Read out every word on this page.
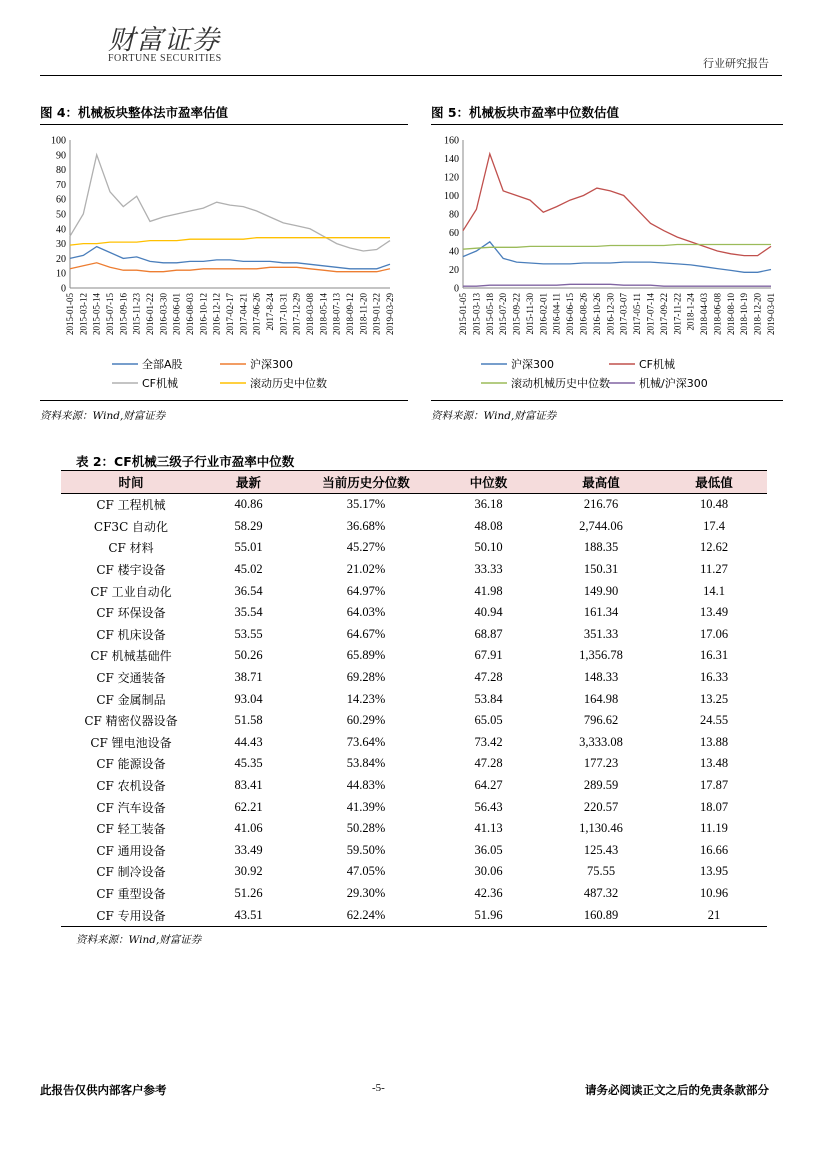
财富证券
FORTUNE SECURITIES	行业研究报告
图 4：机械板块整体法市盈率估值
0
10
20
30
40
50
60
70
80
90
100
2015-01-05 2015-03-12 2015-05-14 2015-07-15 2015-09-16 2015-11-23 2016-01-22 2016-03-30 2016-06-01 2016-08-03 2016-10-12 2016-12-12 2017-02-17 2017-04-21 2017-06-26 2017-8-24 2017-10-31 2017-12-29 2018-03-08 2018-05-14 2018-07-13 2018-09-12 2018-11-20 2019-01-22 2019-03-29
全部A股	沪深300
CF机械	滚动历史中位数
资料来源：Wind,财富证券
图 5：机械板块市盈率中位数估值
0
20
40
60
80
100
120
140
160
2015-01-05 2015-03-13 2015-05-18 2015-07-20 2015-09-22 2015-11-30 2016-02-01 2016-04-11 2016-06-15 2016-08-26 2016-10-26 2016-12-30 2017-03-07 2017-05-11 2017-07-14 2017-09-22 2017-11-22 2018-1-24 2018-04-03 2018-06-08 2018-08-10 2018-10-19 2018-12-20 2019-03-01
沪深300	CF机械
滚动机械历史中位数	机械/沪深300
资料来源：Wind,财富证券
表 2：CF机械三级子行业市盈率中位数
时间	最新	当前历史分位数	中位数	最高值	最低值
CF 工程机械	40.86	35.17%	36.18	216.76	10.48
CF3C 自动化	58.29	36.68%	48.08	2,744.06	17.4
CF 材料	55.01	45.27%	50.10	188.35	12.62
CF 楼宇设备	45.02	21.02%	33.33	150.31	11.27
CF 工业自动化	36.54	64.97%	41.98	149.90	14.1
CF 环保设备	35.54	64.03%	40.94	161.34	13.49
CF 机床设备	53.55	64.67%	68.87	351.33	17.06
CF 机械基础件	50.26	65.89%	67.91	1,356.78	16.31
CF 交通装备	38.71	69.28%	47.28	148.33	16.33
CF 金属制品	93.04	14.23%	53.84	164.98	13.25
CF 精密仪器设备	51.58	60.29%	65.05	796.62	24.55
CF 锂电池设备	44.43	73.64%	73.42	3,333.08	13.88
CF 能源设备	45.35	53.84%	47.28	177.23	13.48
CF 农机设备	83.41	44.83%	64.27	289.59	17.87
CF 汽车设备	62.21	41.39%	56.43	220.57	18.07
CF 轻工装备	41.06	50.28%	41.13	1,130.46	11.19
CF 通用设备	33.49	59.50%	36.05	125.43	16.66
CF 制冷设备	30.92	47.05%	30.06	75.55	13.95
CF 重型设备	51.26	29.30%	42.36	487.32	10.96
CF 专用设备	43.51	62.24%	51.96	160.89	21
资料来源：Wind,财富证券
此报告仅供内部客户参考	-5-	请务必阅读正文之后的免责条款部分
